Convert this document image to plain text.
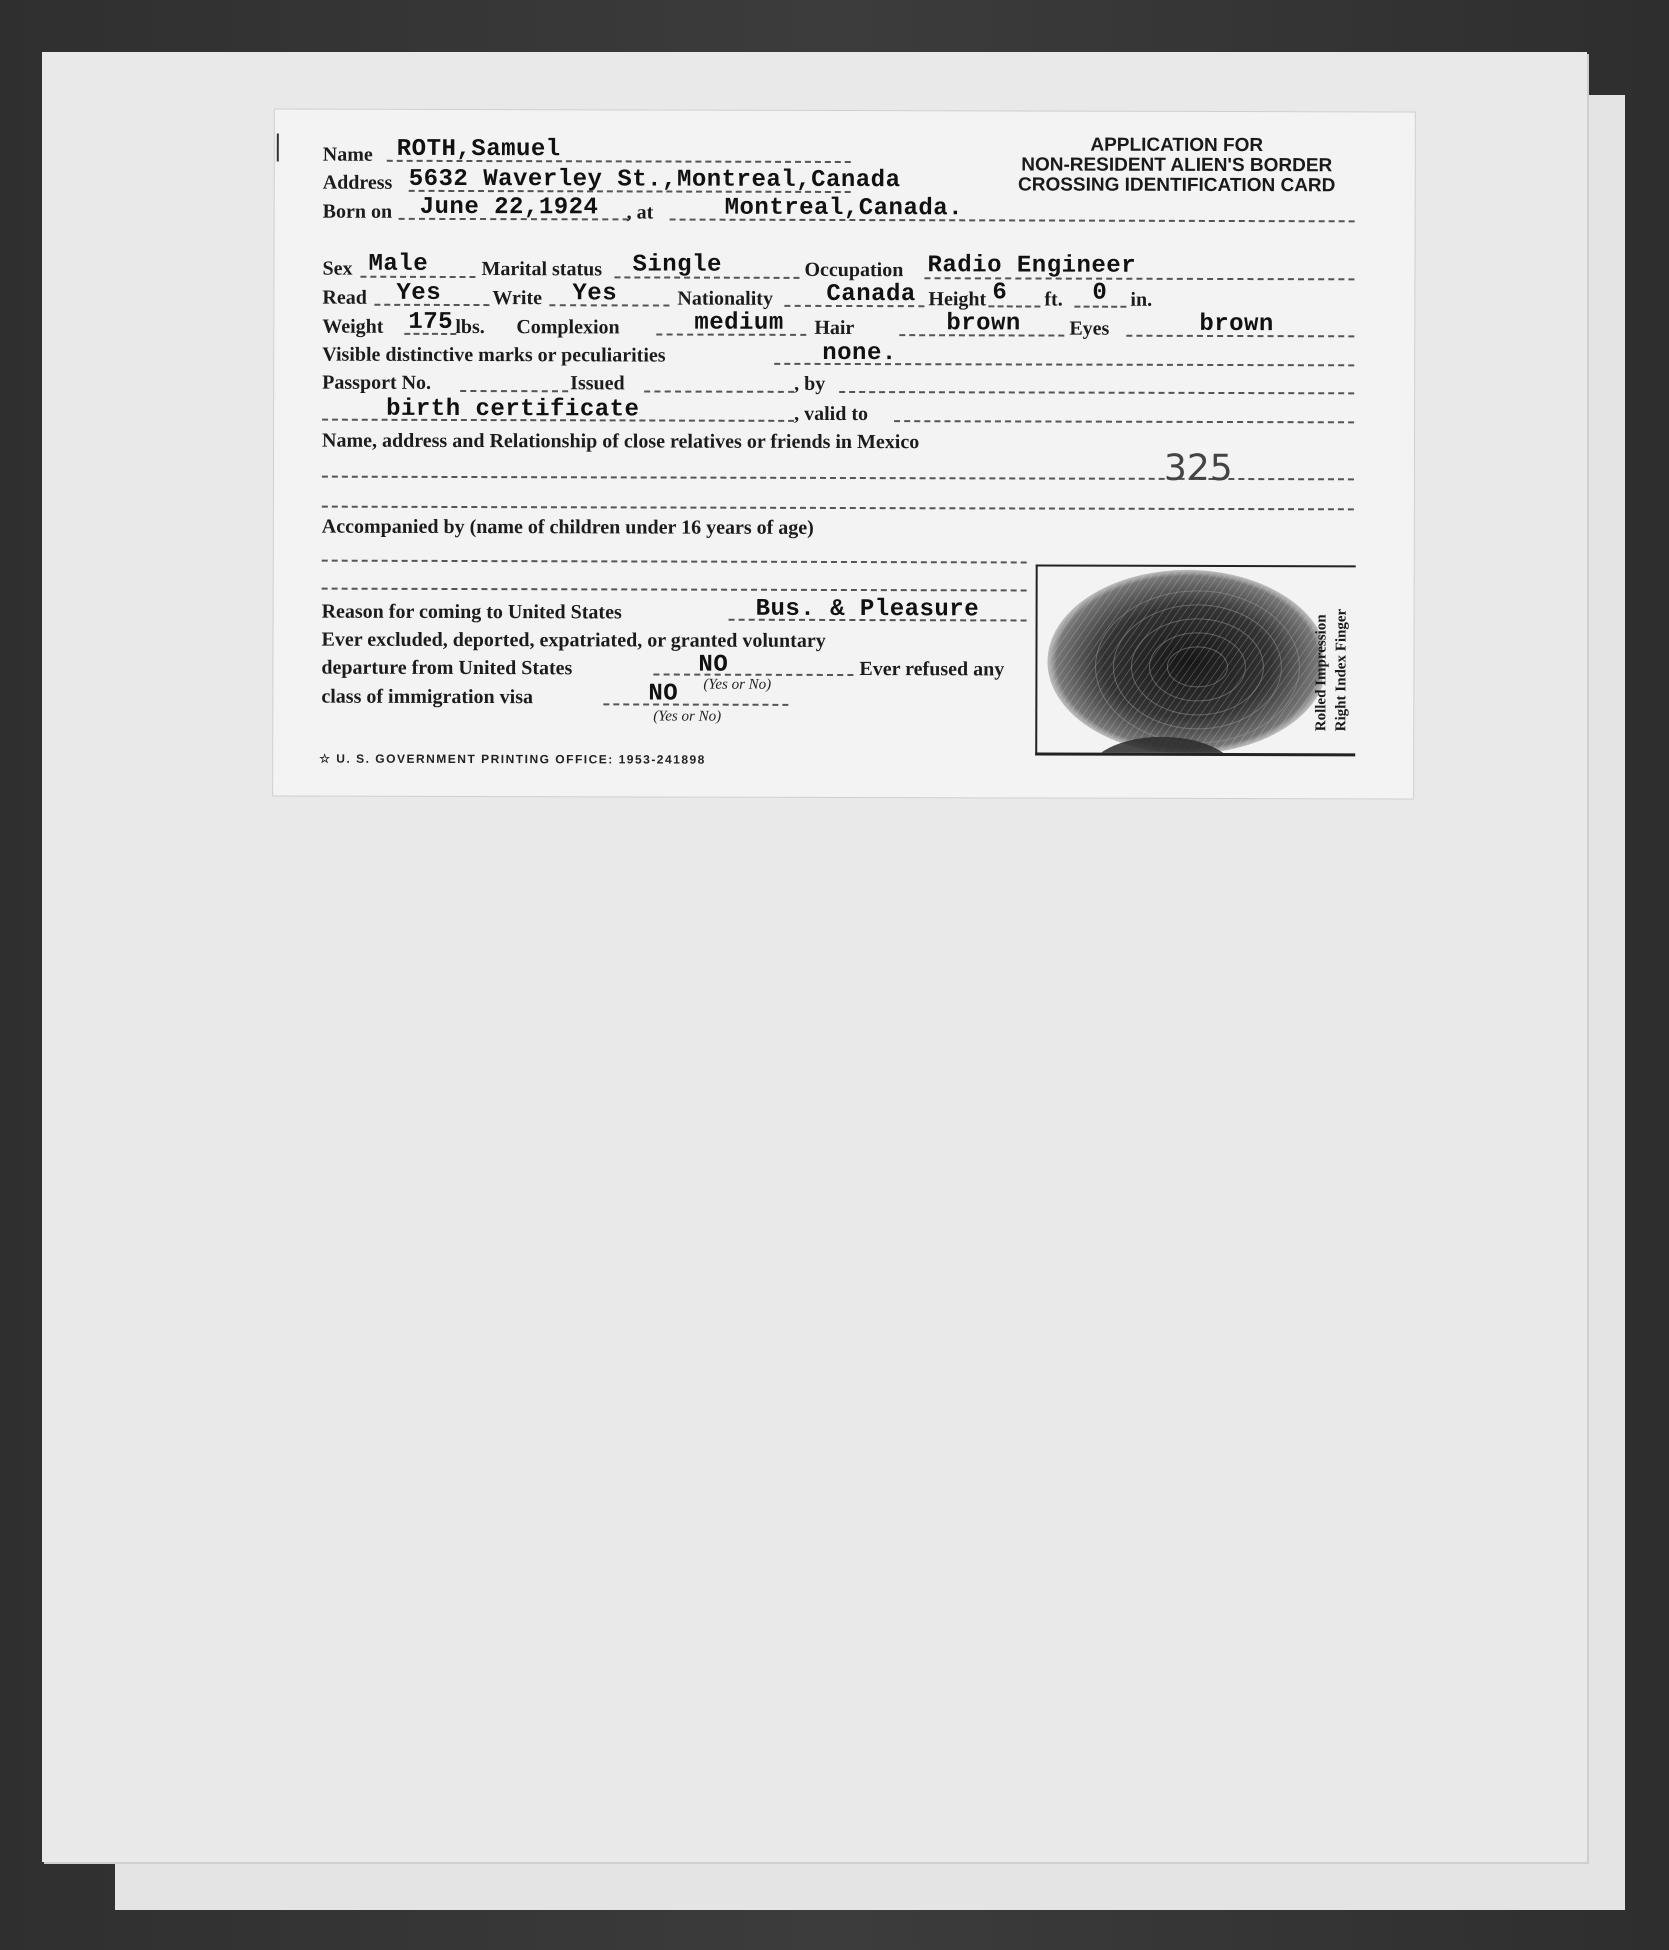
APPLICATION FOR
NON-RESIDENT ALIEN'S BORDER
CROSSING IDENTIFICATION CARD
Name ROTH,Samuel
Address 5632 Waverley St.,Montreal,Canada
Born on June 22,1924 , at	Montreal,Canada.
Sex Male	Marital status Single	Occupation Radio Engineer
Read Yes	Write Yes	Nationality Canada Height 6 ft. 0 in.
Weight 175 lbs. Complexion	medium Hair	brown Eyes	brown
Visible distinctive marks or peculiarities	none.
Passport No.	Issued	, by
birth certificate	, valid to
Name, address and Relationship of close relatives or friends in Mexico
325
Accompanied by (name of children under 16 years of age)
Reason for coming to United States	Bus. & Pleasure
Ever excluded, deported, expatriated, or granted voluntary
departure from United States	NO
(Yes or No)
Ever refused any
class of immigration visa	NO
(Yes or No)	Rolled Impression Right Index Finger
☆ U. S. GOVERNMENT PRINTING OFFICE: 1953-241898
